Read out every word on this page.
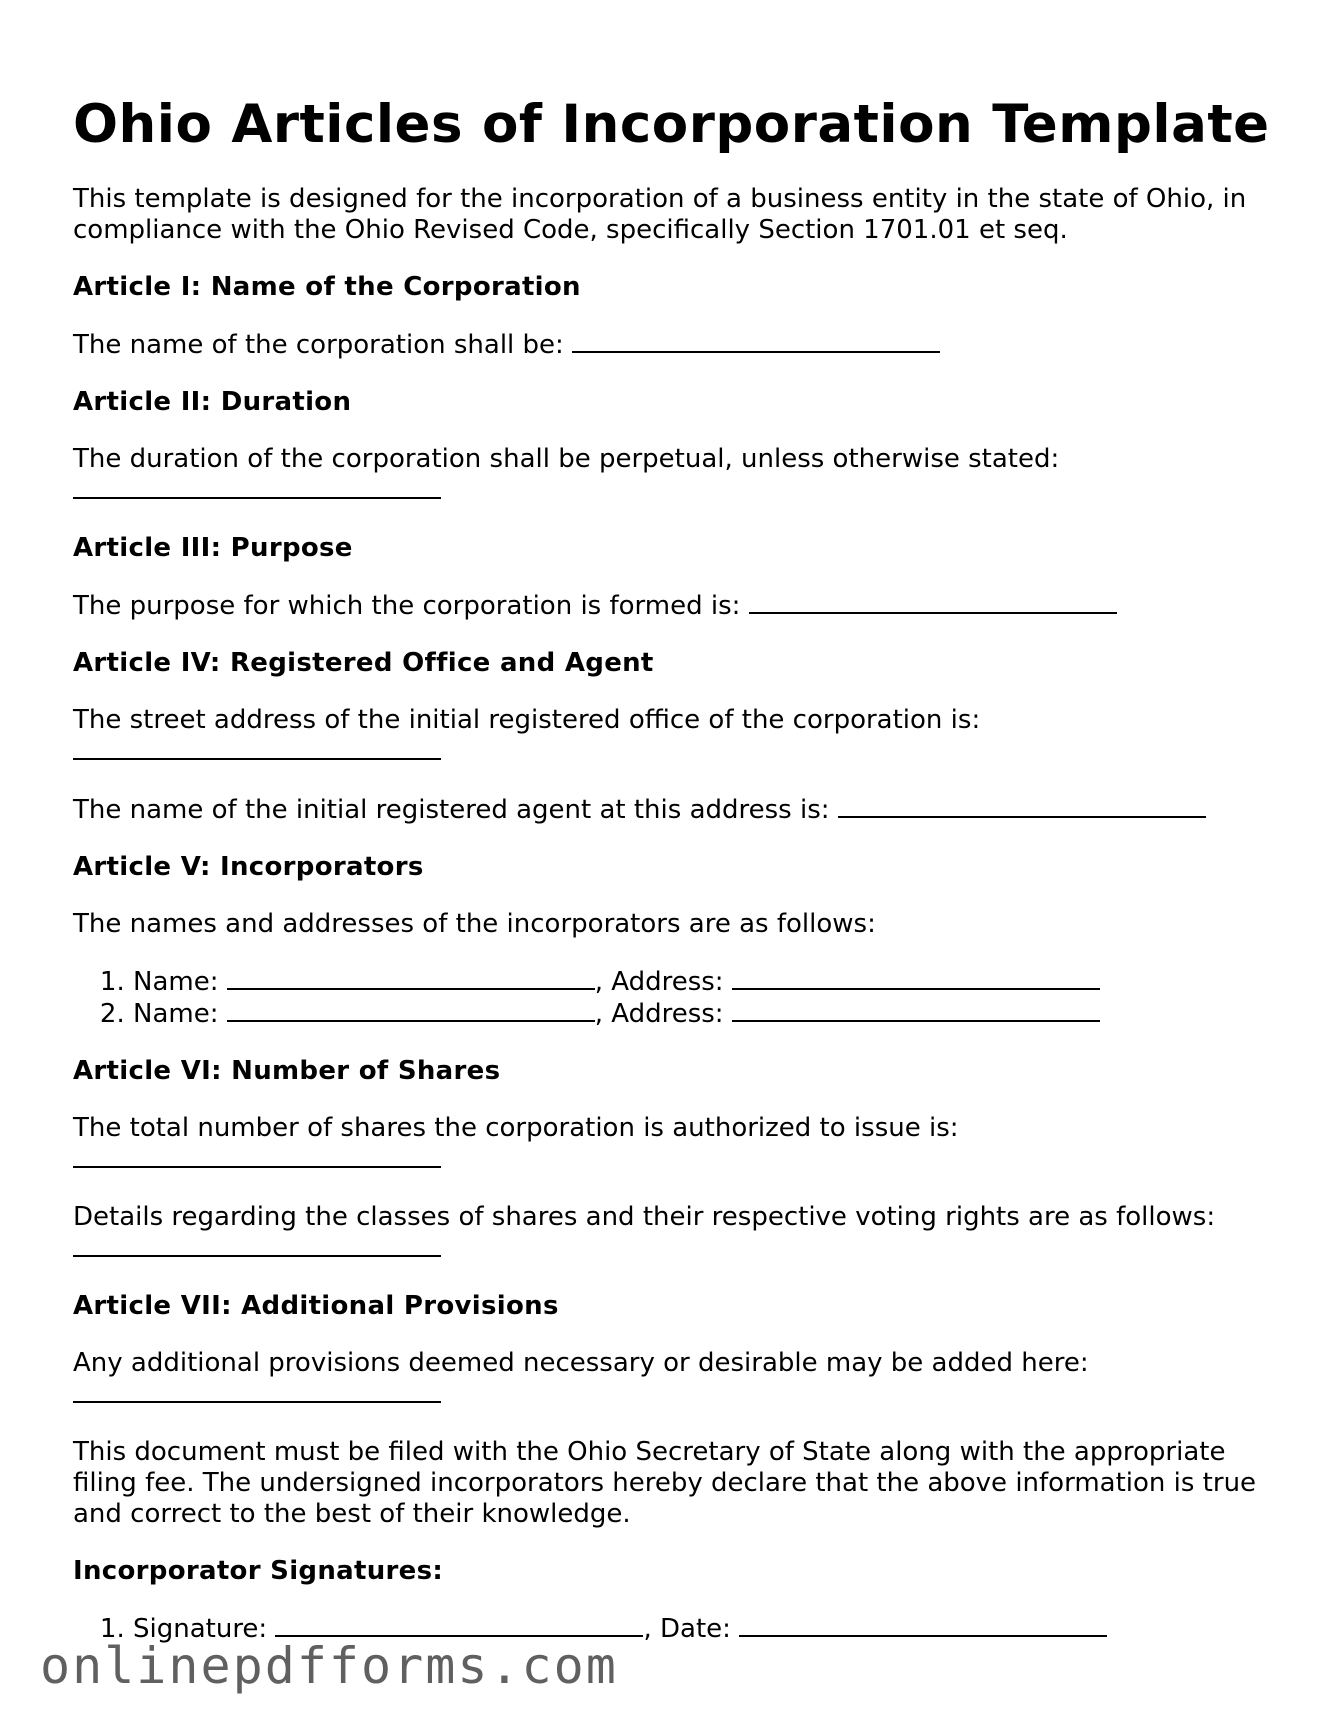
Ohio Articles of Incorporation Template

This template is designed for the incorporation of a business entity in the state of Ohio, in compliance with the Ohio Revised Code, specifically Section 1701.01 et seq.

Article I: Name of the Corporation

The name of the corporation shall be:

Article II: Duration

The duration of the corporation shall be perpetual, unless otherwise stated:

Article III: Purpose

The purpose for which the corporation is formed is:

Article IV: Registered Office and Agent

The street address of the initial registered office of the corporation is:

The name of the initial registered agent at this address is:

Article V: Incorporators

The names and addresses of the incorporators are as follows:

1. Name:	, Address:
2. Name:	, Address:
Article VI: Number of Shares

The total number of shares the corporation is authorized to issue is:

Details regarding the classes of shares and their respective voting rights are as follows:

Article VII: Additional Provisions

Any additional provisions deemed necessary or desirable may be added here:

This document must be filed with the Ohio Secretary of State along with the appropriate filing fee. The undersigned incorporators hereby declare that the above information is true and correct to the best of their knowledge.

Incorporator Signatures:
1. Signature:	, Date:
onlinepdfforms.com
